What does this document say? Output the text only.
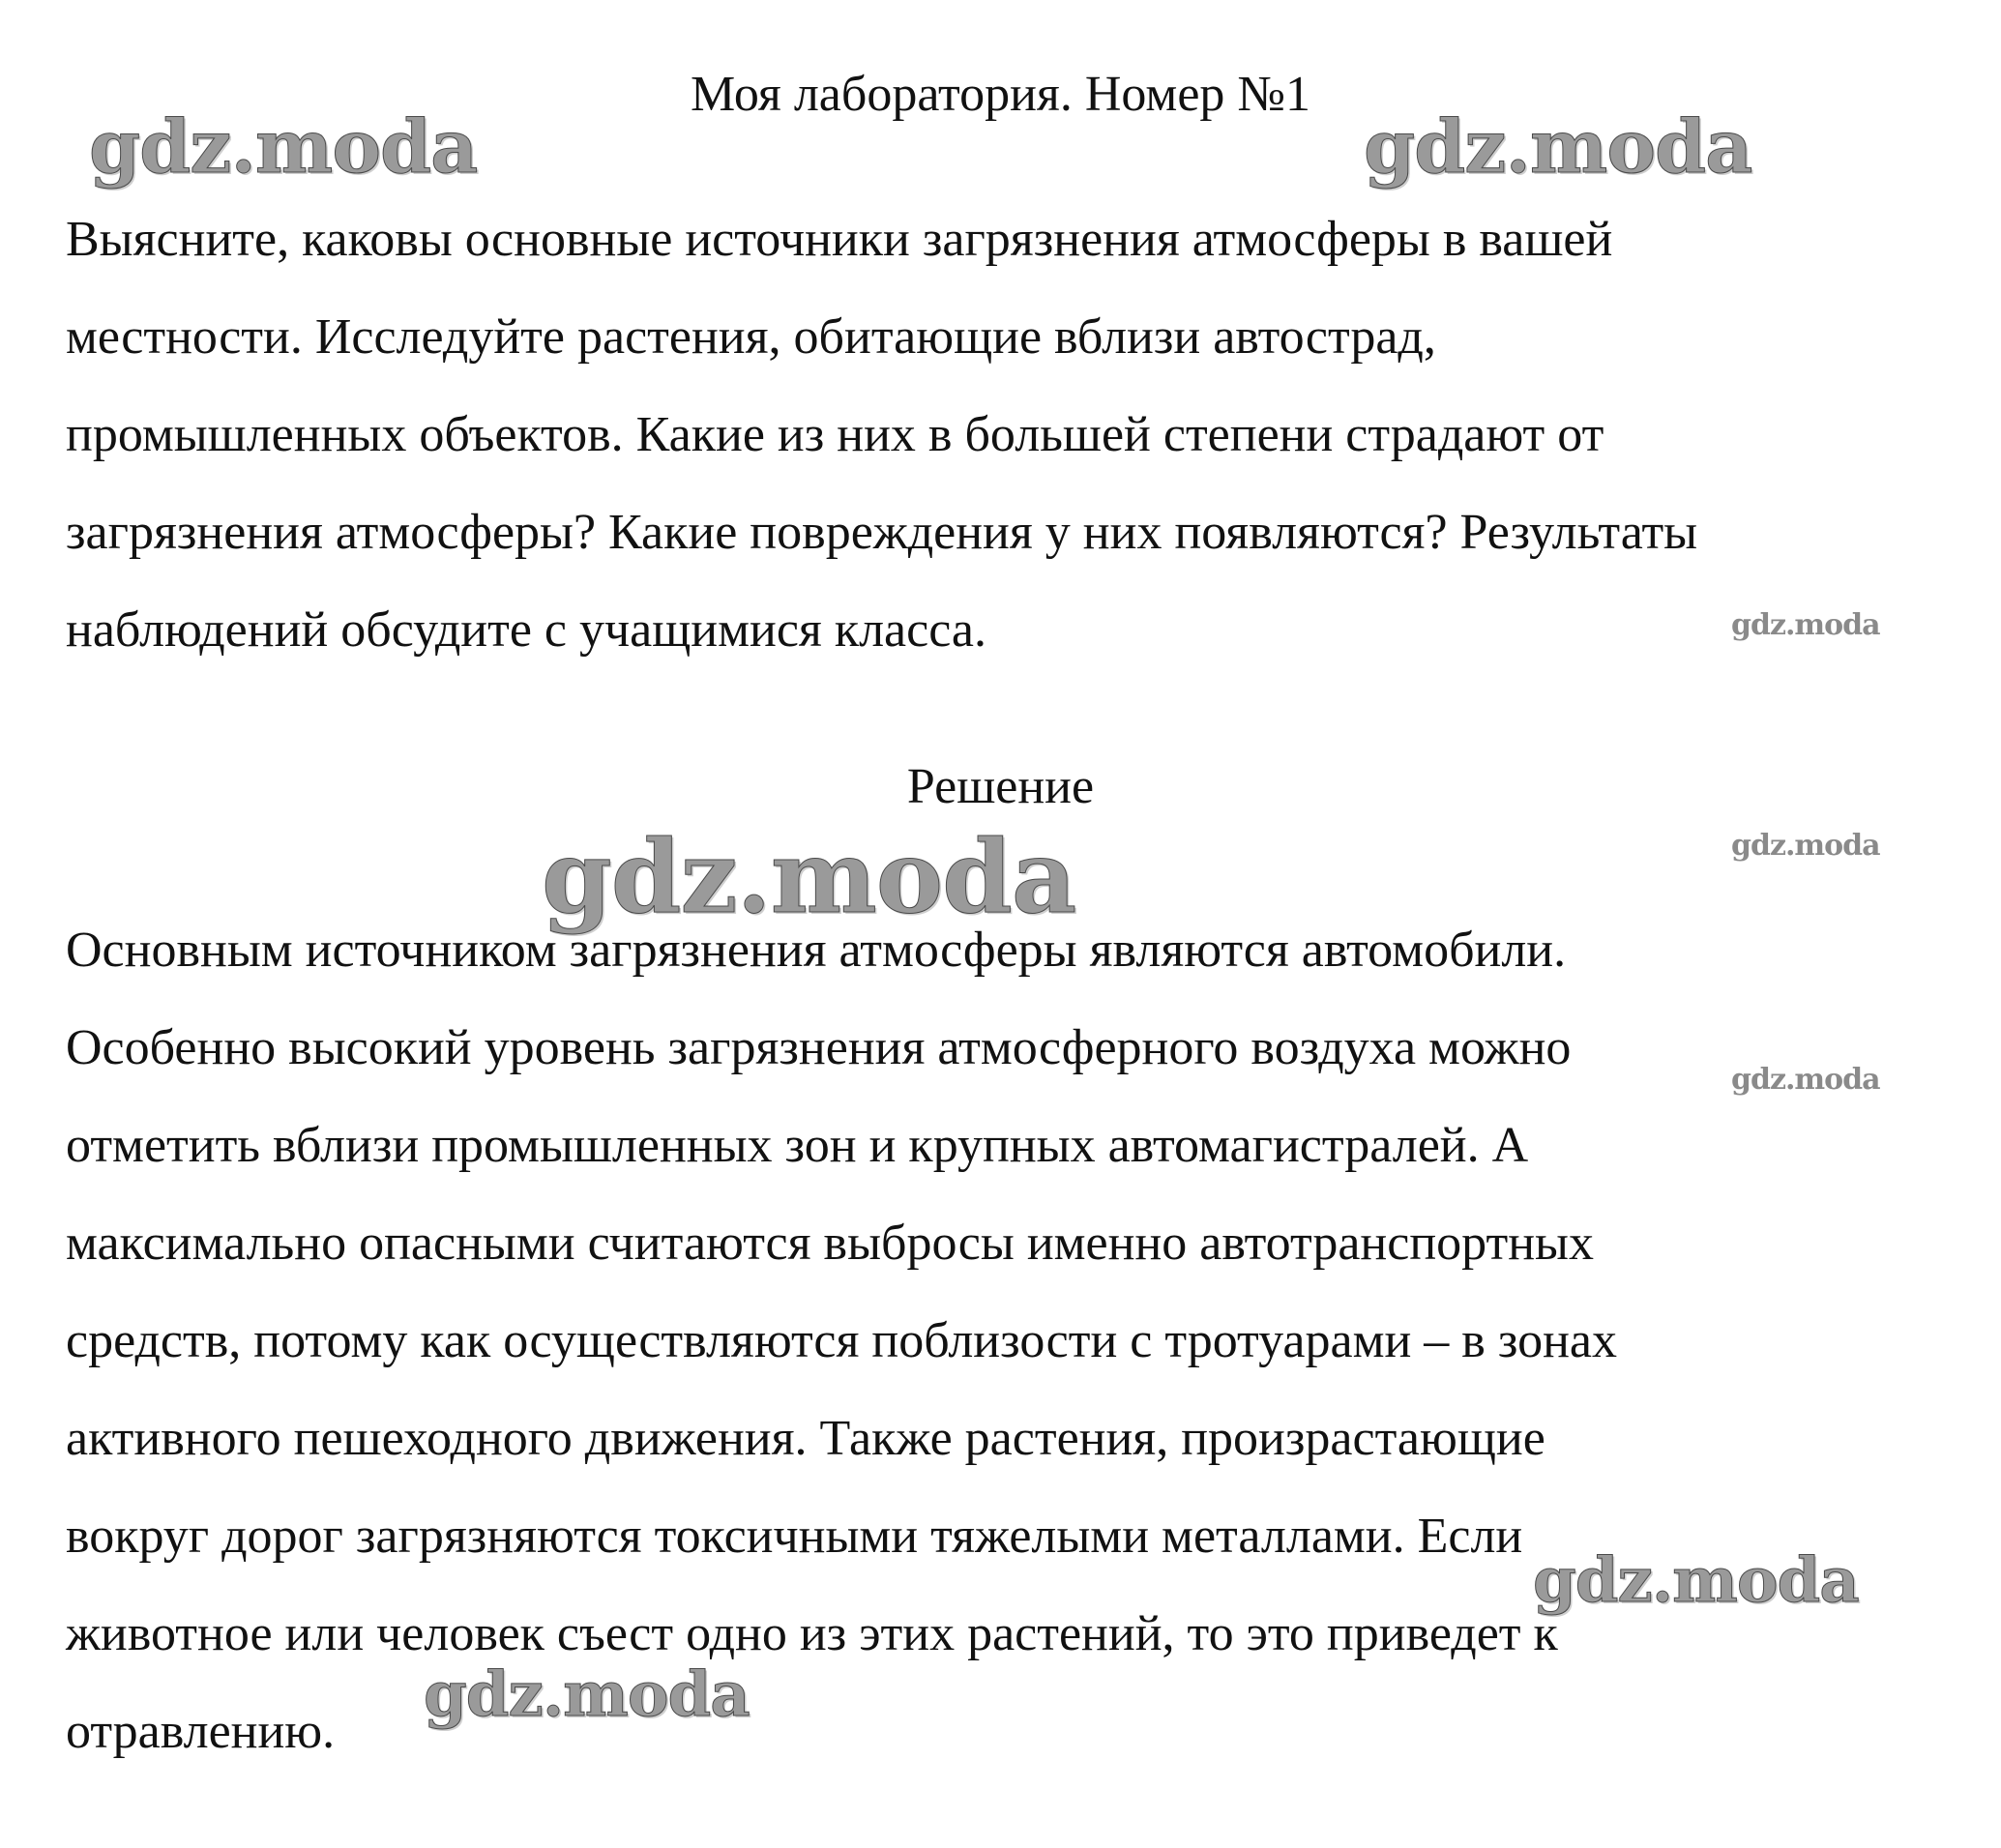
Моя лаборатория. Номер №1
Выясните, каковы основные источники загрязнения атмосферы в вашей
местности. Исследуйте растения, обитающие вблизи автострад,
промышленных объектов. Какие из них в большей степени страдают от
загрязнения атмосферы? Какие повреждения у них появляются? Результаты
наблюдений обсудите с учащимися класса.
Решение
Основным источником загрязнения атмосферы являются автомобили.
Особенно высокий уровень загрязнения атмосферного воздуха можно
отметить вблизи промышленных зон и крупных автомагистралей. А
максимально опасными считаются выбросы именно автотранспортных
средств, потому как осуществляются поблизости с тротуарами – в зонах
активного пешеходного движения. Также растения, произрастающие
вокруг дорог загрязняются токсичными тяжелыми металлами. Если
животное или человек съест одно из этих растений, то это приведет к
отравлению.
gdz.moda	gdz.moda
gdz.moda
gdz.moda	gdz.moda
gdz.moda
gdz.moda
gdz.moda
